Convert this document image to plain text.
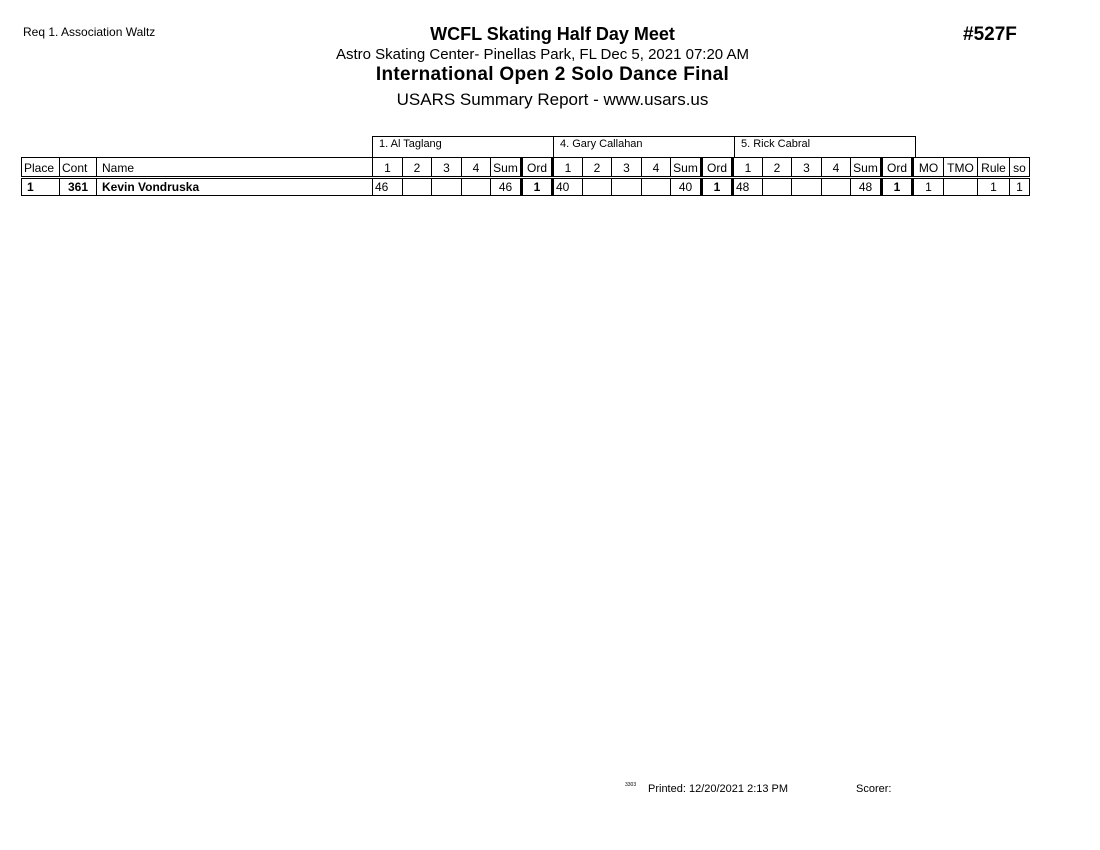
Req 1. Association Waltz	WCFL Skating Half Day Meet
Astro Skating Center- Pinellas Park, FL Dec 5, 2021 07:20 AM
International Open 2 Solo Dance Final
USARS Summary Report - www.usars.us
#527F
1. Al Taglang	4. Gary Callahan	5. Rick Cabral
Place	Cont	Name	1	2	3	4	Sum	Ord	1	2	3	4	Sum	Ord	1	2	3	4	Sum	Ord	MO	TMO	Rule	so
1	361	Kevin Vondruska	46				46	1	40				40	1	48				48	1	1		1	1
3303 Printed: 12/20/2021 2:13 PM	Scorer:
